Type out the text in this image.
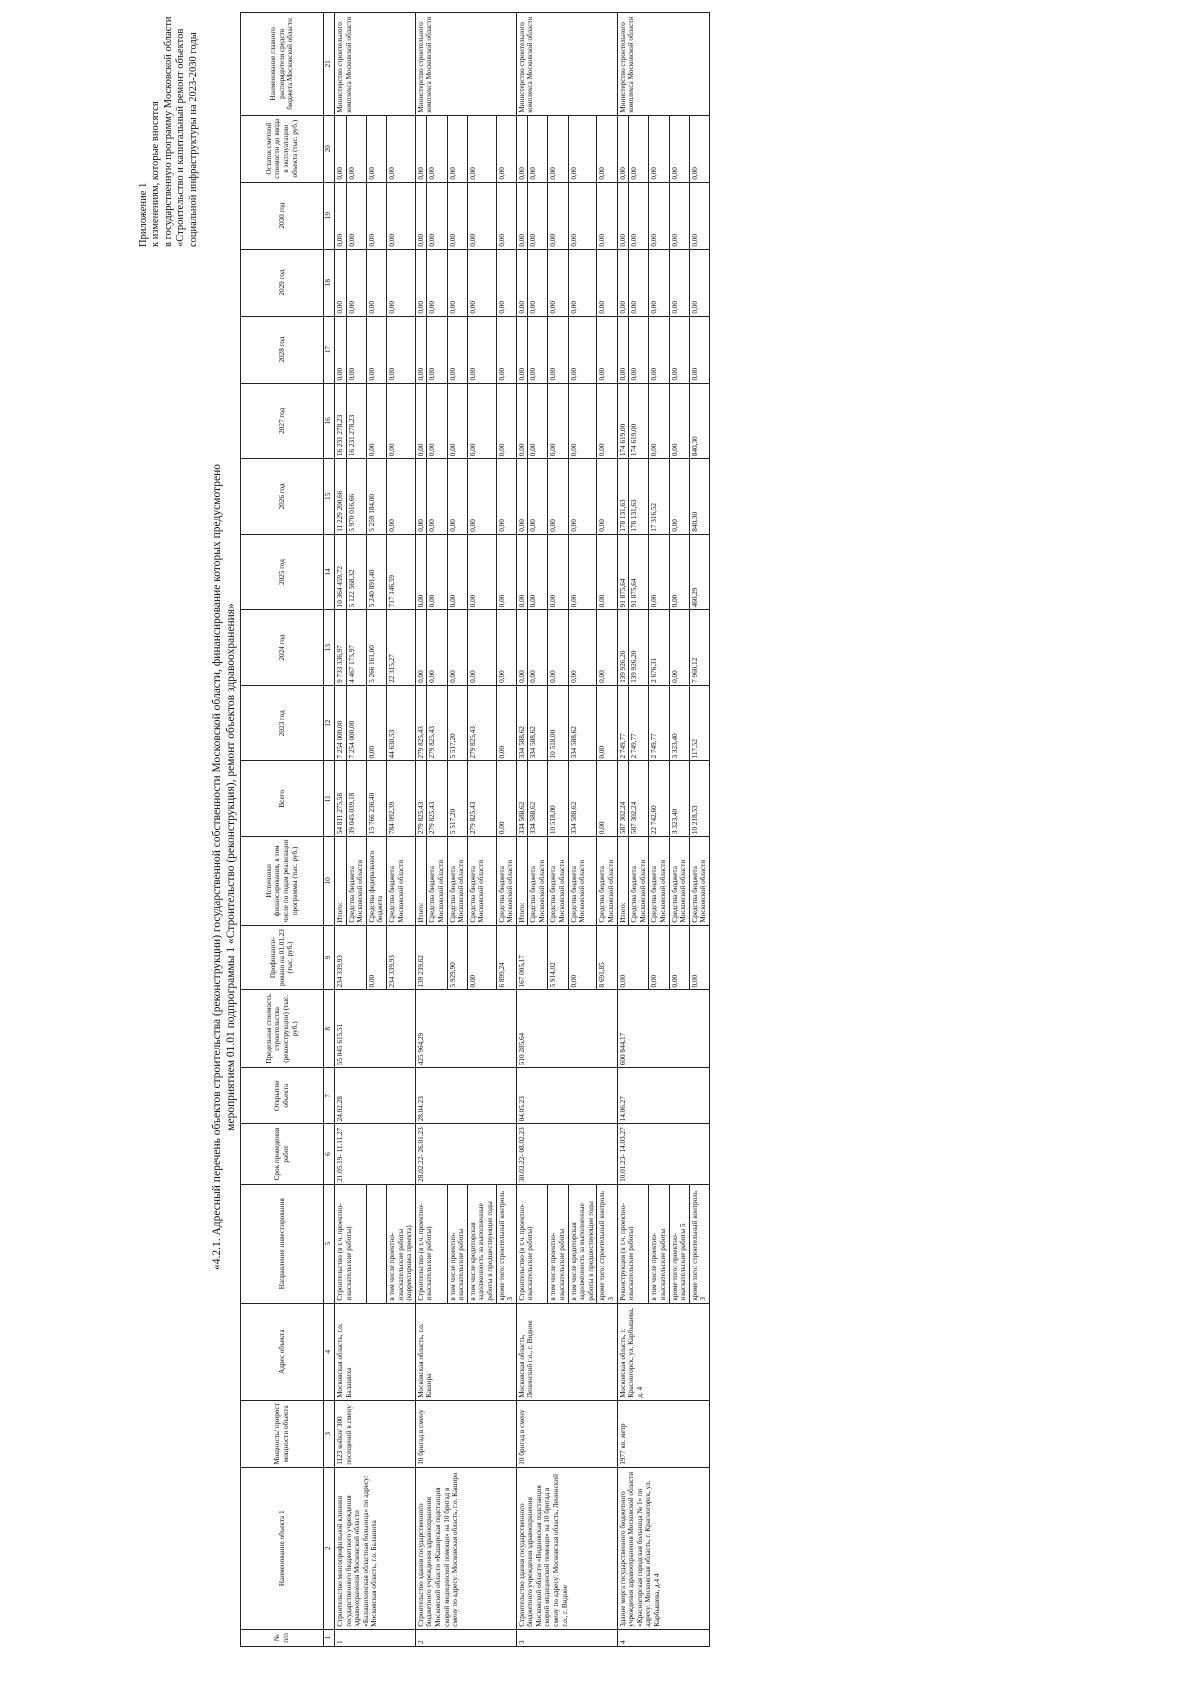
Приложение 1 к изменениям, которые вносятся в государственную программу Московской области «Строительство и капитальный ремонт объектов социальной инфраструктуры на 2023-2030 годы
«4.2.1. Адресный перечень объектов строительства (реконструкции) государственной собственности Московской области, финансирование которых предусмотрено мероприятием 01.01 подпрограммы 1 «Строительство (реконструкция), ремонт объектов здравоохранения»
№ п/п	Наименование объекта 1	Мощность/ прирост мощности объекта	Адрес объекта	Направление инвестирования	Срок проведения работ	Открытие объекта	Предельная стоимость строительства (реконструкции) (тыс. руб.)	Профинанси- ровано на 01.01.23 (тыс. руб.)	Источники финансирования, в том числе по годам реализации программы (тыс. руб.)	Всего	2023 год	2024 год	2025 год	2026 год	2027 год	2028 год	2029 год	2030 год	Остаток сметной стоимости до ввода в эксплуатацию объекта (тыс. руб.)	Наименование главного распорядителя средств бюджета Московской области
1	2	3	4	5	6	7	8	9	10	11	12	13	14	15	16	17	18	19	20	21
1	Строительство многопрофильной клиники государственного бюджетного учреждения здравоохранения Московской области «Балашихинская областная больница» по адресу: Московская область, г.о. Балашиха	1123 койки/ 300 посещений в смену	Московская область, г.о. Балашиха	Строительство (в т.ч. проектно-изыскательские работы)	21.05.19- 11.11.27	24.02.28	55 045 615,51	234 339,93	Итого:	54 811 275,58	7 254 000,00	9 733 336,97	10 364 459,72	11 229 200,66	16 231 278,23	0,00	0,00	0,00	0,00	Министерство строительного комплекса Московской области
									Средства бюджета Московской области	39 045 039,18	7 254 000,00	4 467 175,97	5 122 568,32	5 970 016,66	16 231 278,23	0,00	0,00	0,00	0,00	
								0,00	Средства федерального бюджета	15 766 236,40	0,00	5 266 161,00	5 240 891,40	5 259 184,00	0,00	0,00	0,00	0,00	0,00	
				в том числе проектно-изыскательские работы (корректировка проекта)				234 339,93	Средства бюджета Московской области	784 092,39	44 630,53	22 315,27	717 146,59	0,00	0,00	0,00	0,00	0,00	0,00	
2	Строительство здания государственного бюджетного учреждения здравоохранения Московской области «Каширская подстанция скорой медицинской помощи» на 10 бригад в смену по адресу: Московская область, г.о. Кашира	10 бригад в смену	Московская область, г.о. Кашира	Строительство (в т.ч. проектно-изыскательские работы)	28.02.22- 26.01.23	28.04.23	425 964,29	139 239,62	Итого:	279 825,43	279 825,43	0,00	0,00	0,00	0,00	0,00	0,00	0,00	0,00	Министерство строительного комплекса Московской области
									Средства бюджета Московской области	279 825,43	279 825,43	0,00	0,00	0,00	0,00	0,00	0,00	0,00	0,00	
				в том числе проектно-изыскательские работы				5 929,90	Средства бюджета Московской области	5 517,20	5 517,20	0,00	0,00	0,00	0,00	0,00	0,00	0,00	0,00	
				в том числе кредиторская задолженность за выполненные работы в предшествующие годы				0,00	Средства бюджета Московской области	279 825,43	279 825,43	0,00	0,00	0,00	0,00	0,00	0,00	0,00	0,00	
				кроме того: строительный контроль 3				6 899,24	Средства бюджета Московской области	0,00	0,00	0,00	0,00	0,00	0,00	0,00	0,00	0,00	0,00	
3	Строительство здания государственного бюджетного учреждения здравоохранения Московской области «Видновская подстанция скорой медицинской помощи» на 10 бригад в смену по адресу: Московская область, Ленинский г.о., г. Видное	10 бригад в смену	Московская область, Ленинский г.о., г. Видное	Строительство (в т.ч. проектно-изыскательские работы)	30.03.22- 08.02.23	04.05.23	510 285,64	167 005,17	Итого:	334 588,62	334 588,62	0,00	0,00	0,00	0,00	0,00	0,00	0,00	0,00	Министерство строительного комплекса Московской области
									Средства бюджета Московской области	334 588,62	334 588,62	0,00	0,00	0,00	0,00	0,00	0,00	0,00	0,00	
				в том числе проектно-изыскательские работы				5 914,02	Средства бюджета Московской области	10 518,00	10 518,00	0,00	0,00	0,00	0,00	0,00	0,00	0,00	0,00	
				в том числе кредиторская задолженность за выполненные работы в предшествующие годы				0,00	Средства бюджета Московской области	334 588,62	334 588,62	0,00	0,00	0,00	0,00	0,00	0,00	0,00	0,00	
				кроме того: строительный контроль 3				8 691,85	Средства бюджета Московской области	0,00	0,00	0,00	0,00	0,00	0,00	0,00	0,00	0,00	0,00	
4	Здание морга государственного бюджетного учреждения здравоохранения Московской области «Красногорская городская больница № 1» по адресу: Московская область, г. Красногорск, ул. Карбышева, д.4 4	1977 кв. метр	Московская область, г. Красногорск, ул. Карбышева, д. 4	Реконструкция (в т.ч. проектно-изыскательские работы)	10.01.23- 14.03.27	14.06.27	600 844,17	0,00	Итого:	587 302,24	2 749,77	139 926,20	91 875,64	178 131,63	174 619,00	0,00	0,00	0,00	0,00	Министерство строительного комплекса Московской области
									Средства бюджета Московской области	587 302,24	2 749,77	139 926,20	91 875,64	178 131,63	174 619,00	0,00	0,00	0,00	0,00	
				в том числе проектно-изыскательские работы				0,00	Средства бюджета Московской области	22 742,60	2 749,77	2 676,31	0,00	17 316,52	0,00	0,00	0,00	0,00	0,00	
				кроме того: проектно-изыскательские работы 5				0,00	Средства бюджета Московской области	3 323,40	3 323,40	0,00	0,00	0,00	0,00	0,00	0,00	0,00	0,00	
				кроме того: строительный контроль 3				0,00	Средства бюджета Московской области	10 218,53	117,52	7 960,12	460,29	840,30	840,30	0,00	0,00	0,00	0,00	
